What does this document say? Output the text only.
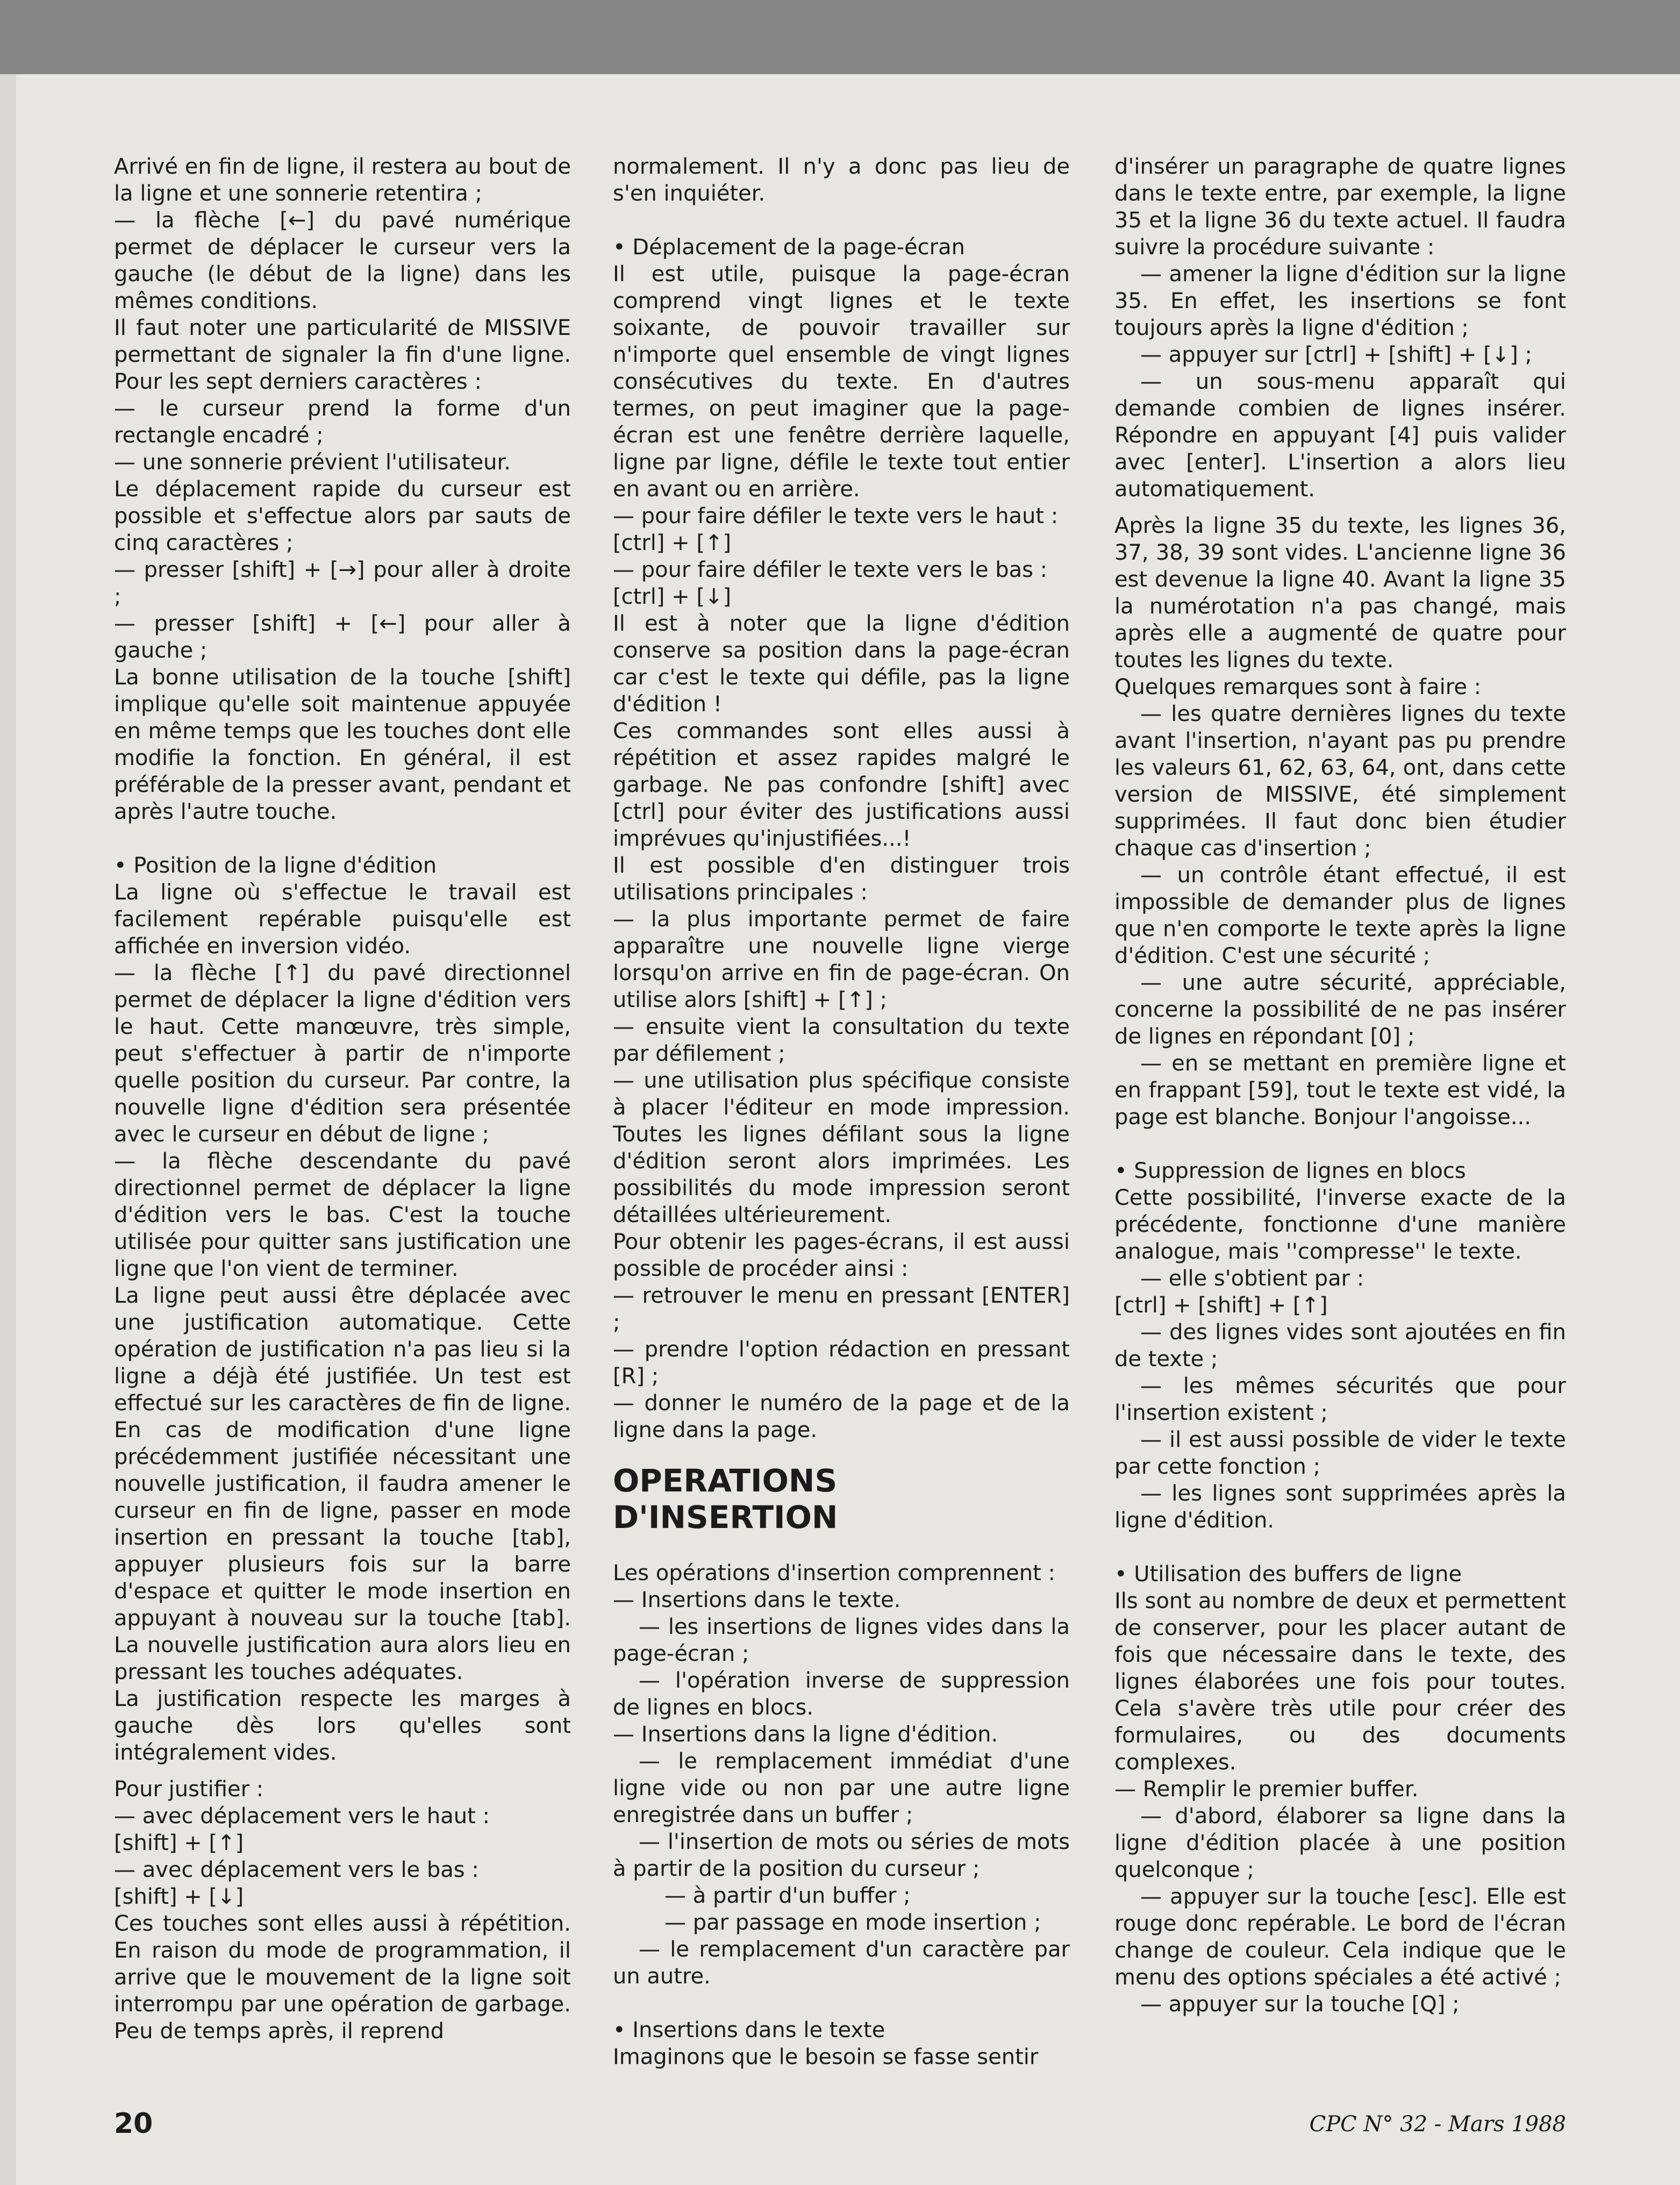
Arrivé en fin de ligne, il restera au bout de la ligne et une sonnerie retentira ;

— la flèche [←] du pavé numérique permet de déplacer le curseur vers la gauche (le début de la ligne) dans les mêmes conditions.

Il faut noter une particularité de MISSIVE permettant de signaler la fin d'une ligne. Pour les sept derniers caractères :

— le curseur prend la forme d'un rectangle encadré ;

— une sonnerie prévient l'utilisateur.

Le déplacement rapide du curseur est possible et s'effectue alors par sauts de cinq caractères ;

— presser [shift] + [→] pour aller à droite ;

— presser [shift] + [←] pour aller à gauche ;

La bonne utilisation de la touche [shift] implique qu'elle soit maintenue appuyée en même temps que les touches dont elle modifie la fonction. En général, il est préférable de la presser avant, pendant et après l'autre touche.

• Position de la ligne d'édition

La ligne où s'effectue le travail est facilement repérable puisqu'elle est affichée en inversion vidéo.

— la flèche [↑] du pavé directionnel permet de déplacer la ligne d'édition vers le haut. Cette manœuvre, très simple, peut s'effectuer à partir de n'importe quelle position du curseur. Par contre, la nouvelle ligne d'édition sera présentée avec le curseur en début de ligne ;

— la flèche descendante du pavé directionnel permet de déplacer la ligne d'édition vers le bas. C'est la touche utilisée pour quitter sans justification une ligne que l'on vient de terminer.

La ligne peut aussi être déplacée avec une justification automatique. Cette opération de justification n'a pas lieu si la ligne a déjà été justifiée. Un test est effectué sur les caractères de fin de ligne. En cas de modification d'une ligne précédemment justifiée nécessitant une nouvelle justification, il faudra amener le curseur en fin de ligne, passer en mode insertion en pressant la touche [tab], appuyer plusieurs fois sur la barre d'espace et quitter le mode insertion en appuyant à nouveau sur la touche [tab]. La nouvelle justification aura alors lieu en pressant les touches adéquates.

La justification respecte les marges à gauche dès lors qu'elles sont intégralement vides.

Pour justifier :

— avec déplacement vers le haut :

[shift] + [↑]

— avec déplacement vers le bas :

[shift] + [↓]

Ces touches sont elles aussi à répétition. En raison du mode de programmation, il arrive que le mouvement de la ligne soit interrompu par une opération de garbage. Peu de temps après, il reprend

normalement. Il n'y a donc pas lieu de s'en inquiéter.

• Déplacement de la page-écran

Il est utile, puisque la page-écran comprend vingt lignes et le texte soixante, de pouvoir travailler sur n'importe quel ensemble de vingt lignes consécutives du texte. En d'autres termes, on peut imaginer que la page-écran est une fenêtre derrière laquelle, ligne par ligne, défile le texte tout entier en avant ou en arrière.

— pour faire défiler le texte vers le haut :

[ctrl] + [↑]

— pour faire défiler le texte vers le bas :

[ctrl] + [↓]

Il est à noter que la ligne d'édition conserve sa position dans la page-écran car c'est le texte qui défile, pas la ligne d'édition !

Ces commandes sont elles aussi à répétition et assez rapides malgré le garbage. Ne pas confondre [shift] avec [ctrl] pour éviter des justifications aussi imprévues qu'injustifiées...!

Il est possible d'en distinguer trois utilisations principales :

— la plus importante permet de faire apparaître une nouvelle ligne vierge lorsqu'on arrive en fin de page-écran. On utilise alors [shift] + [↑] ;

— ensuite vient la consultation du texte par défilement ;

— une utilisation plus spécifique consiste à placer l'éditeur en mode impression. Toutes les lignes défilant sous la ligne d'édition seront alors imprimées. Les possibilités du mode impression seront détaillées ultérieurement.

Pour obtenir les pages-écrans, il est aussi possible de procéder ainsi :

— retrouver le menu en pressant [ENTER] ;

— prendre l'option rédaction en pressant [R] ;

— donner le numéro de la page et de la ligne dans la page.

OPERATIONS D'INSERTION

Les opérations d'insertion comprennent :

— Insertions dans le texte.

— les insertions de lignes vides dans la page-écran ;

— l'opération inverse de suppression de lignes en blocs.

— Insertions dans la ligne d'édition.

— le remplacement immédiat d'une ligne vide ou non par une autre ligne enregistrée dans un buffer ;

— l'insertion de mots ou séries de mots à partir de la position du curseur ;

— à partir d'un buffer ;

— par passage en mode insertion ;

— le remplacement d'un caractère par un autre.

• Insertions dans le texte

Imaginons que le besoin se fasse sentir

d'insérer un paragraphe de quatre lignes dans le texte entre, par exemple, la ligne 35 et la ligne 36 du texte actuel. Il faudra suivre la procédure suivante :

— amener la ligne d'édition sur la ligne 35. En effet, les insertions se font toujours après la ligne d'édition ;

— appuyer sur [ctrl] + [shift] + [↓] ;

— un sous-menu apparaît qui demande combien de lignes insérer. Répondre en appuyant [4] puis valider avec [enter]. L'insertion a alors lieu automatiquement.

Après la ligne 35 du texte, les lignes 36, 37, 38, 39 sont vides. L'ancienne ligne 36 est devenue la ligne 40. Avant la ligne 35 la numérotation n'a pas changé, mais après elle a augmenté de quatre pour toutes les lignes du texte.

Quelques remarques sont à faire :

— les quatre dernières lignes du texte avant l'insertion, n'ayant pas pu prendre les valeurs 61, 62, 63, 64, ont, dans cette version de MISSIVE, été simplement supprimées. Il faut donc bien étudier chaque cas d'insertion ;

— un contrôle étant effectué, il est impossible de demander plus de lignes que n'en comporte le texte après la ligne d'édition. C'est une sécurité ;

— une autre sécurité, appréciable, concerne la possibilité de ne pas insérer de lignes en répondant [0] ;

— en se mettant en première ligne et en frappant [59], tout le texte est vidé, la page est blanche. Bonjour l'angoisse...

• Suppression de lignes en blocs

Cette possibilité, l'inverse exacte de la précédente, fonctionne d'une manière analogue, mais ''compresse'' le texte.

— elle s'obtient par :

[ctrl] + [shift] + [↑]

— des lignes vides sont ajoutées en fin de texte ;

— les mêmes sécurités que pour l'insertion existent ;

— il est aussi possible de vider le texte par cette fonction ;

— les lignes sont supprimées après la ligne d'édition.

• Utilisation des buffers de ligne

Ils sont au nombre de deux et permettent de conserver, pour les placer autant de fois que nécessaire dans le texte, des lignes élaborées une fois pour toutes. Cela s'avère très utile pour créer des formulaires, ou des documents complexes.

— Remplir le premier buffer.

— d'abord, élaborer sa ligne dans la ligne d'édition placée à une position quelconque ;

— appuyer sur la touche [esc]. Elle est rouge donc repérable. Le bord de l'écran change de couleur. Cela indique que le menu des options spéciales a été activé ;

— appuyer sur la touche [Q] ;

20	CPC N° 32 - Mars 1988
